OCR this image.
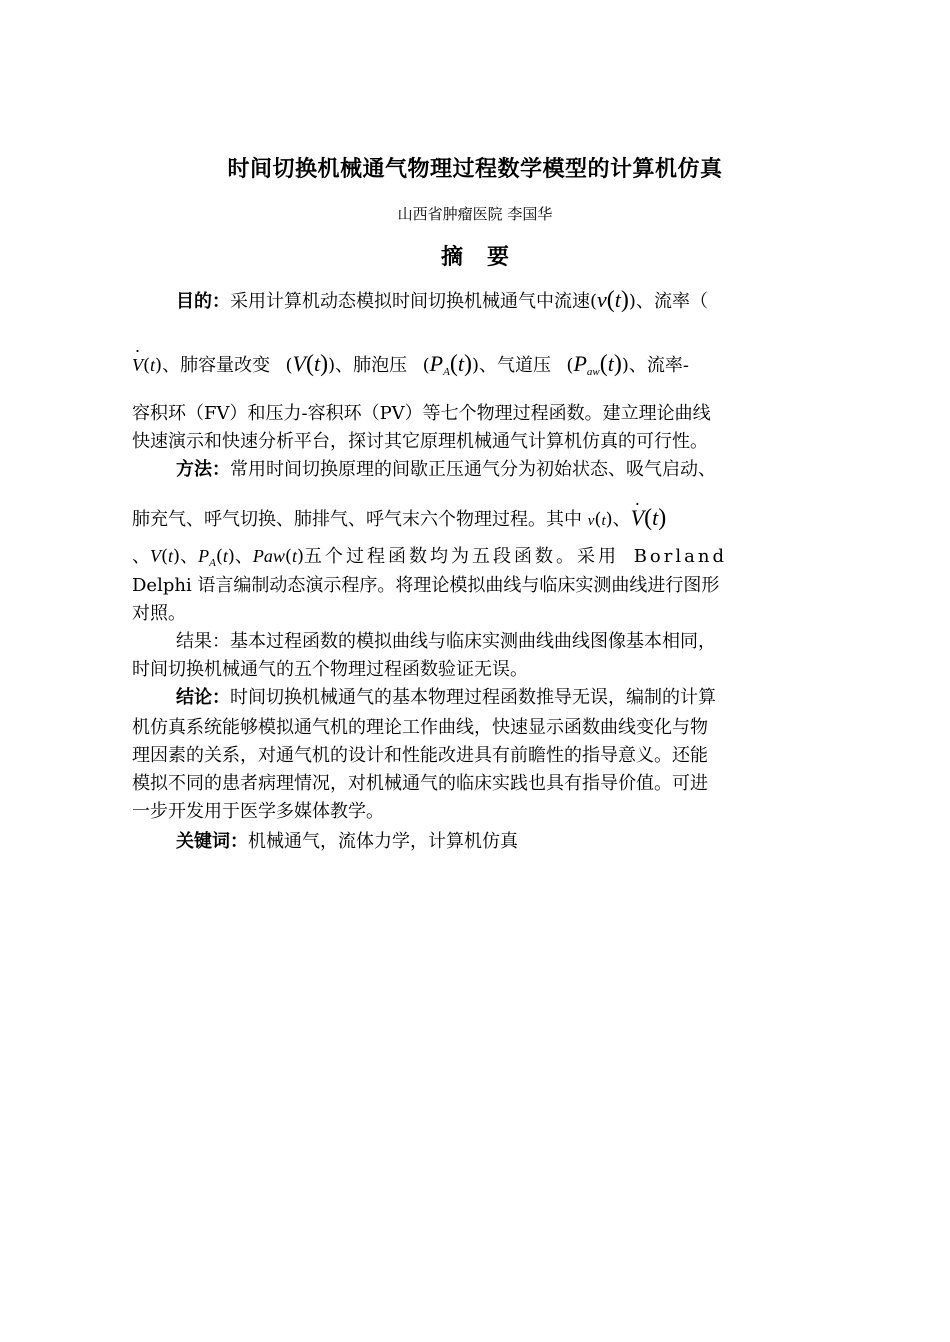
时间切换机械通气物理过程数学模型的计算机仿真
山西省肿瘤医院 李国华
摘要
目的：采用计算机动态模拟时间切换机械通气中流速(v(t))、流率（
· V(t)、肺容量改变  (V(t))、肺泡压  $(P_A(t))$、气道压  $(P_{aw}(t))$、流率-
容积环（FV）和压力-容积环（PV）等七个物理过程函数。建立理论曲线
快速演示和快速分析平台，探讨其它原理机械通气计算机仿真的可行性。
方法：常用时间切换原理的间歇正压通气分为初始状态、吸气启动、
肺充气、呼气切换、肺排气、呼气末六个物理过程。其中 v(t)、· V(t)
、V(t)、$P_A(t)$、Paw(t)五个过程函数均为五段函数。采用 Borland
Delphi 语言编制动态演示程序。将理论模拟曲线与临床实测曲线进行图形
对照。
结果：基本过程函数的模拟曲线与临床实测曲线曲线图像基本相同，
时间切换机械通气的五个物理过程函数验证无误。
结论：时间切换机械通气的基本物理过程函数推导无误，编制的计算
机仿真系统能够模拟通气机的理论工作曲线，快速显示函数曲线变化与物
理因素的关系，对通气机的设计和性能改进具有前瞻性的指导意义。还能
模拟不同的患者病理情况，对机械通气的临床实践也具有指导价值。可进
一步开发用于医学多媒体教学。
关键词：机械通气，流体力学，计算机仿真
